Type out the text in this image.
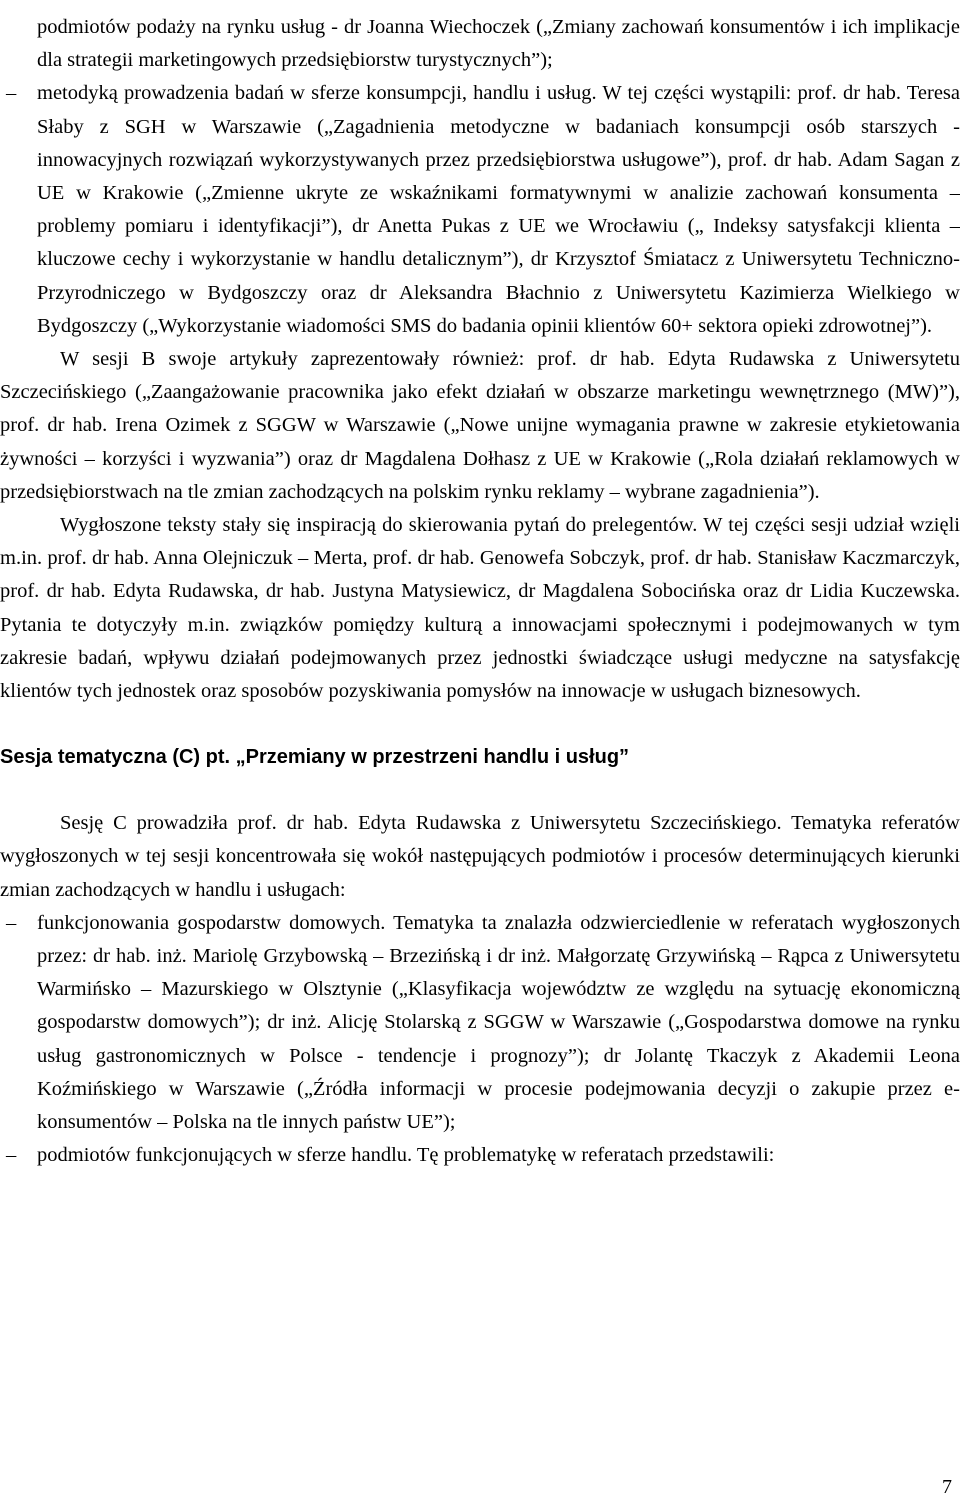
podmiotów podaży na rynku usług - dr Joanna Wiechoczek („Zmiany zachowań konsumentów i ich implikacje dla strategii marketingowych przedsiębiorstw turystycznych”);

– metodyką prowadzenia badań w sferze konsumpcji, handlu i usług. W tej części wystąpili: prof. dr hab. Teresa Słaby z SGH w Warszawie („Zagadnienia metodyczne w badaniach konsumpcji osób starszych - innowacyjnych rozwiązań wykorzystywanych przez przedsiębiorstwa usługowe”), prof. dr hab. Adam Sagan z UE w Krakowie („Zmienne ukryte ze wskaźnikami formatywnymi w analizie zachowań konsumenta – problemy pomiaru i identyfikacji”), dr Anetta Pukas z UE we Wrocławiu („ Indeksy satysfakcji klienta – kluczowe cechy i wykorzystanie w handlu detalicznym”), dr Krzysztof Śmiatacz z Uniwersytetu Techniczno-Przyrodniczego w Bydgoszczy oraz dr Aleksandra Błachnio z Uniwersytetu Kazimierza Wielkiego w Bydgoszczy („Wykorzystanie wiadomości SMS do badania opinii klientów 60+ sektora opieki zdrowotnej”).

W sesji B swoje artykuły zaprezentowały również: prof. dr hab. Edyta Rudawska z Uniwersytetu Szczecińskiego („Zaangażowanie pracownika jako efekt działań w obszarze marketingu wewnętrznego (MW)”), prof. dr hab. Irena Ozimek z SGGW w Warszawie („Nowe unijne wymagania prawne w zakresie etykietowania żywności – korzyści i wyzwania”) oraz dr Magdalena Dołhasz z UE w Krakowie („Rola działań reklamowych w przedsiębiorstwach na tle zmian zachodzących na polskim rynku reklamy – wybrane zagadnienia”).

Wygłoszone teksty stały się inspiracją do skierowania pytań do prelegentów. W tej części sesji udział wzięli m.in. prof. dr hab. Anna Olejniczuk – Merta, prof. dr hab. Genowefa Sobczyk, prof. dr hab. Stanisław Kaczmarczyk, prof. dr hab. Edyta Rudawska, dr hab. Justyna Matysiewicz, dr Magdalena Sobocińska oraz dr Lidia Kuczewska. Pytania te dotyczyły m.in. związków pomiędzy kulturą a innowacjami społecznymi i podejmowanych w tym zakresie badań, wpływu działań podejmowanych przez jednostki świadczące usługi medyczne na satysfakcję klientów tych jednostek oraz sposobów pozyskiwania pomysłów na innowacje w usługach biznesowych.

Sesja tematyczna (C) pt. „Przemiany w przestrzeni handlu i usług”

Sesję C prowadziła prof. dr hab. Edyta Rudawska z Uniwersytetu Szczecińskiego. Tematyka referatów wygłoszonych w tej sesji koncentrowała się wokół następujących podmiotów i procesów determinujących kierunki zmian zachodzących w handlu i usługach:

– funkcjonowania gospodarstw domowych. Tematyka ta znalazła odzwierciedlenie w referatach wygłoszonych przez: dr hab. inż. Mariolę Grzybowską – Brzezińską i dr inż. Małgorzatę Grzywińską – Rąpca z Uniwersytetu Warmińsko – Mazurskiego w Olsztynie („Klasyfikacja województw ze względu na sytuację ekonomiczną gospodarstw domowych”); dr inż. Alicję Stolarską z SGGW w Warszawie („Gospodarstwa domowe na rynku usług gastronomicznych w Polsce - tendencje i prognozy”); dr Jolantę Tkaczyk z Akademii Leona Koźmińskiego w Warszawie („Źródła informacji w procesie podejmowania decyzji o zakupie przez e-konsumentów – Polska na tle innych państw UE”);

– podmiotów funkcjonujących w sferze handlu. Tę problematykę w referatach przedstawili:

7
